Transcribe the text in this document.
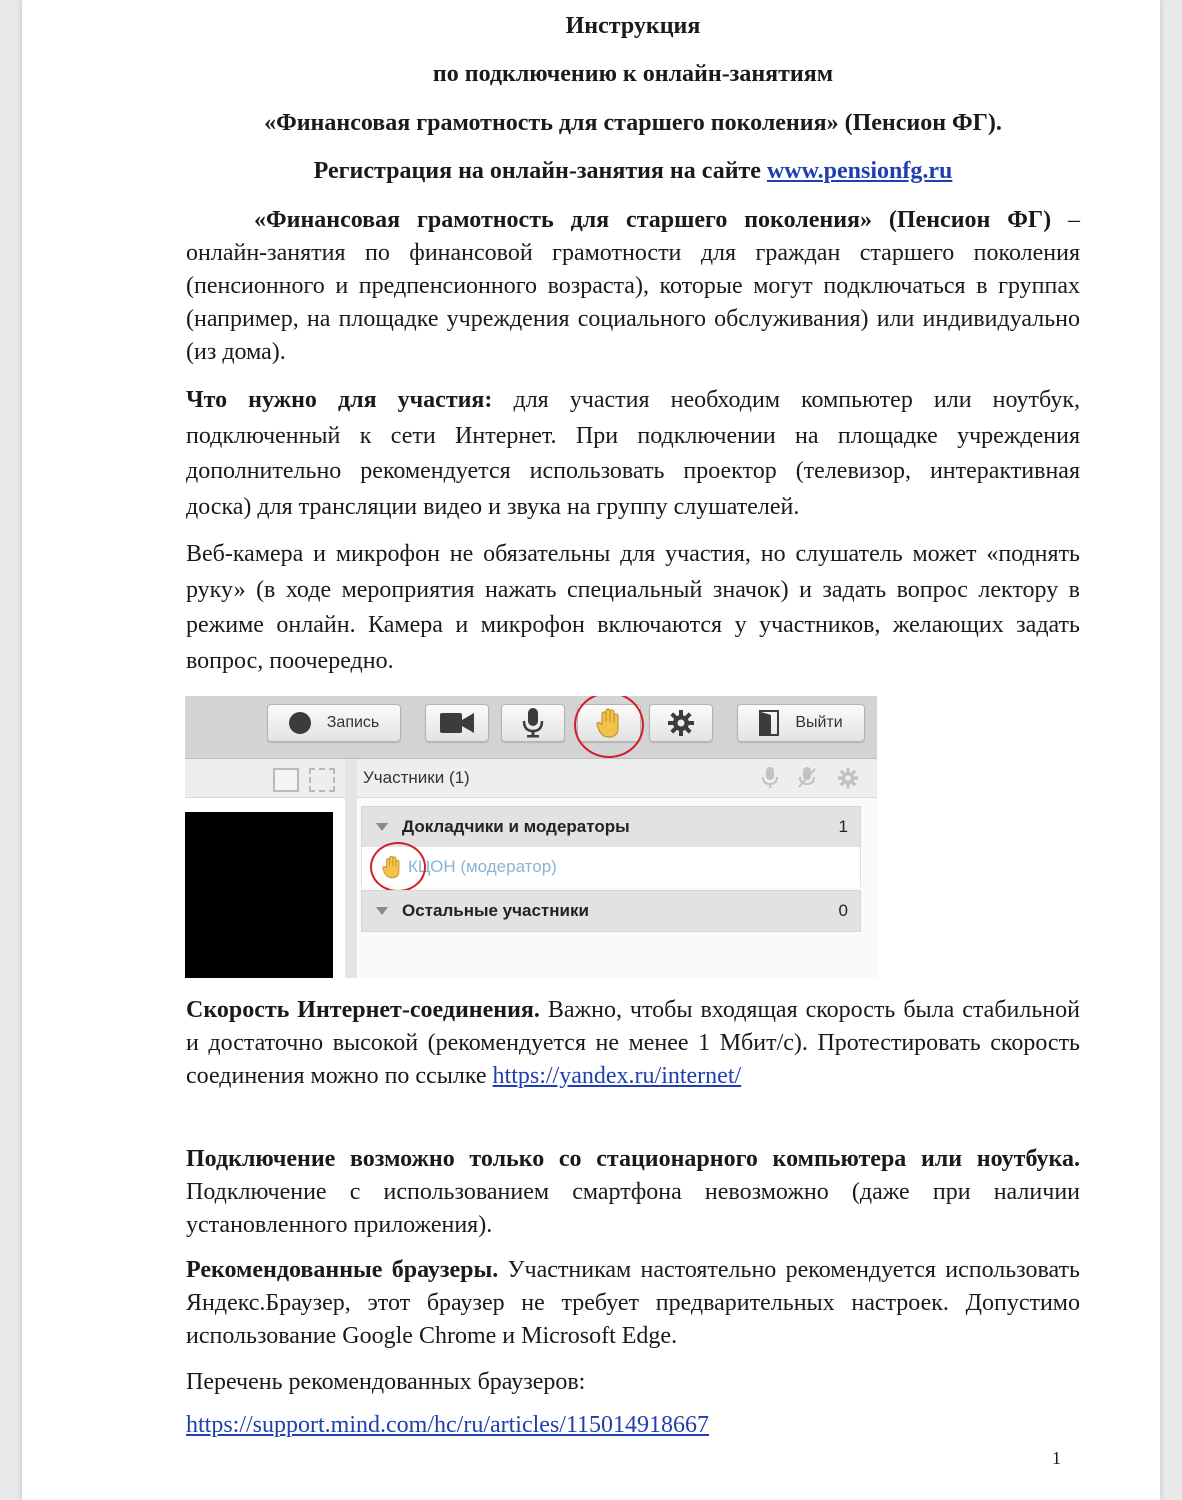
Инструкция

по подключению к онлайн-занятиям

«Финансовая грамотность для старшего поколения» (Пенсион ФГ).

Регистрация на онлайн-занятия на сайте www.pensionfg.ru

«Финансовая грамотность для старшего поколения» (Пенсион ФГ) – онлайн-занятия по финансовой грамотности для граждан старшего поколения (пенсионного и предпенсионного возраста), которые могут подключаться в группах (например, на площадке учреждения социального обслуживания) или индивидуально (из дома).

Что нужно для участия: для участия необходим компьютер или ноутбук, подключенный к сети Интернет. При подключении на площадке учреждения дополнительно рекомендуется использовать проектор (телевизор, интерактивная доска) для трансляции видео и звука на группу слушателей.

Веб-камера и микрофон не обязательны для участия, но слушатель может «поднять руку» (в ходе мероприятия нажать специальный значок) и задать вопрос лектору в режиме онлайн. Камера и микрофон включаются у участников, желающих задать вопрос, поочередно.

Скорость Интернет-соединения. Важно, чтобы входящая скорость была стабильной и достаточно высокой (рекомендуется не менее 1 Мбит/с). Протестировать скорость соединения можно по ссылке https://yandex.ru/internet/

Подключение возможно только со стационарного компьютера или ноутбука. Подключение с использованием смартфона невозможно (даже при наличии установленного приложения).

Рекомендованные браузеры. Участникам настоятельно рекомендуется использовать Яндекс.Браузер, этот браузер не требует предварительных настроек. Допустимо использование Google Chrome и Microsoft Edge.

Перечень рекомендованных браузеров:

https://support.mind.com/hc/ru/articles/115014918667

Запись	Выйти
Участники (1)
Докладчики и модераторы	1
КЦОН (модератор)
Остальные участники	0
1
